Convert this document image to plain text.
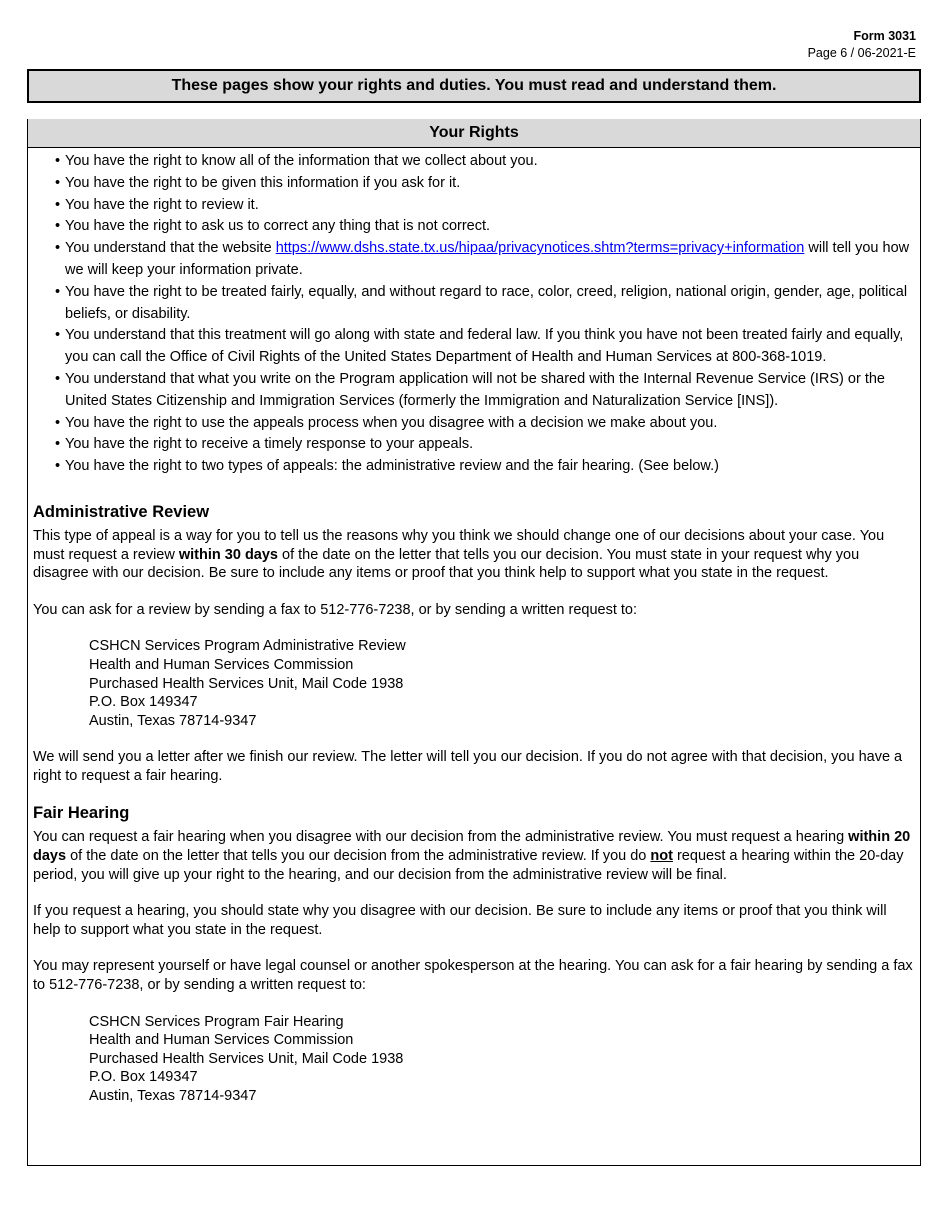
Form 3031
Page 6 / 06-2021-E
These pages show your rights and duties. You must read and understand them.
Your Rights
• You have the right to know all of the information that we collect about you.
• You have the right to be given this information if you ask for it.
• You have the right to review it.
• You have the right to ask us to correct any thing that is not correct.
• You understand that the website https://www.dshs.state.tx.us/hipaa/privacynotices.shtm?terms=privacy+information will tell you how we will keep your information private.
• You have the right to be treated fairly, equally, and without regard to race, color, creed, religion, national origin, gender, age, political beliefs, or disability.
• You understand that this treatment will go along with state and federal law. If you think you have not been treated fairly and equally, you can call the Office of Civil Rights of the United States Department of Health and Human Services at 800-368-1019.
• You understand that what you write on the Program application will not be shared with the Internal Revenue Service (IRS) or the United States Citizenship and Immigration Services (formerly the Immigration and Naturalization Service [INS]).
• You have the right to use the appeals process when you disagree with a decision we make about you.
• You have the right to receive a timely response to your appeals.
• You have the right to two types of appeals: the administrative review and the fair hearing. (See below.)
Administrative Review

This type of appeal is a way for you to tell us the reasons why you think we should change one of our decisions about your case. You must request a review within 30 days of the date on the letter that tells you our decision. You must state in your request why you disagree with our decision. Be sure to include any items or proof that you think help to support what you state in the request.

You can ask for a review by sending a fax to 512-776-7238, or by sending a written request to:

CSHCN Services Program Administrative Review
Health and Human Services Commission
Purchased Health Services Unit, Mail Code 1938
P.O. Box 149347
Austin, Texas 78714-9347

We will send you a letter after we finish our review. The letter will tell you our decision. If you do not agree with that decision, you have a right to request a fair hearing.

Fair Hearing

You can request a fair hearing when you disagree with our decision from the administrative review. You must request a hearing within 20 days of the date on the letter that tells you our decision from the administrative review. If you do not request a hearing within the 20-day period, you will give up your right to the hearing, and our decision from the administrative review will be final.

If you request a hearing, you should state why you disagree with our decision. Be sure to include any items or proof that you think will help to support what you state in the request.

You may represent yourself or have legal counsel or another spokesperson at the hearing. You can ask for a fair hearing by sending a fax to 512-776-7238, or by sending a written request to:

CSHCN Services Program Fair Hearing
Health and Human Services Commission
Purchased Health Services Unit, Mail Code 1938
P.O. Box 149347
Austin, Texas 78714-9347
